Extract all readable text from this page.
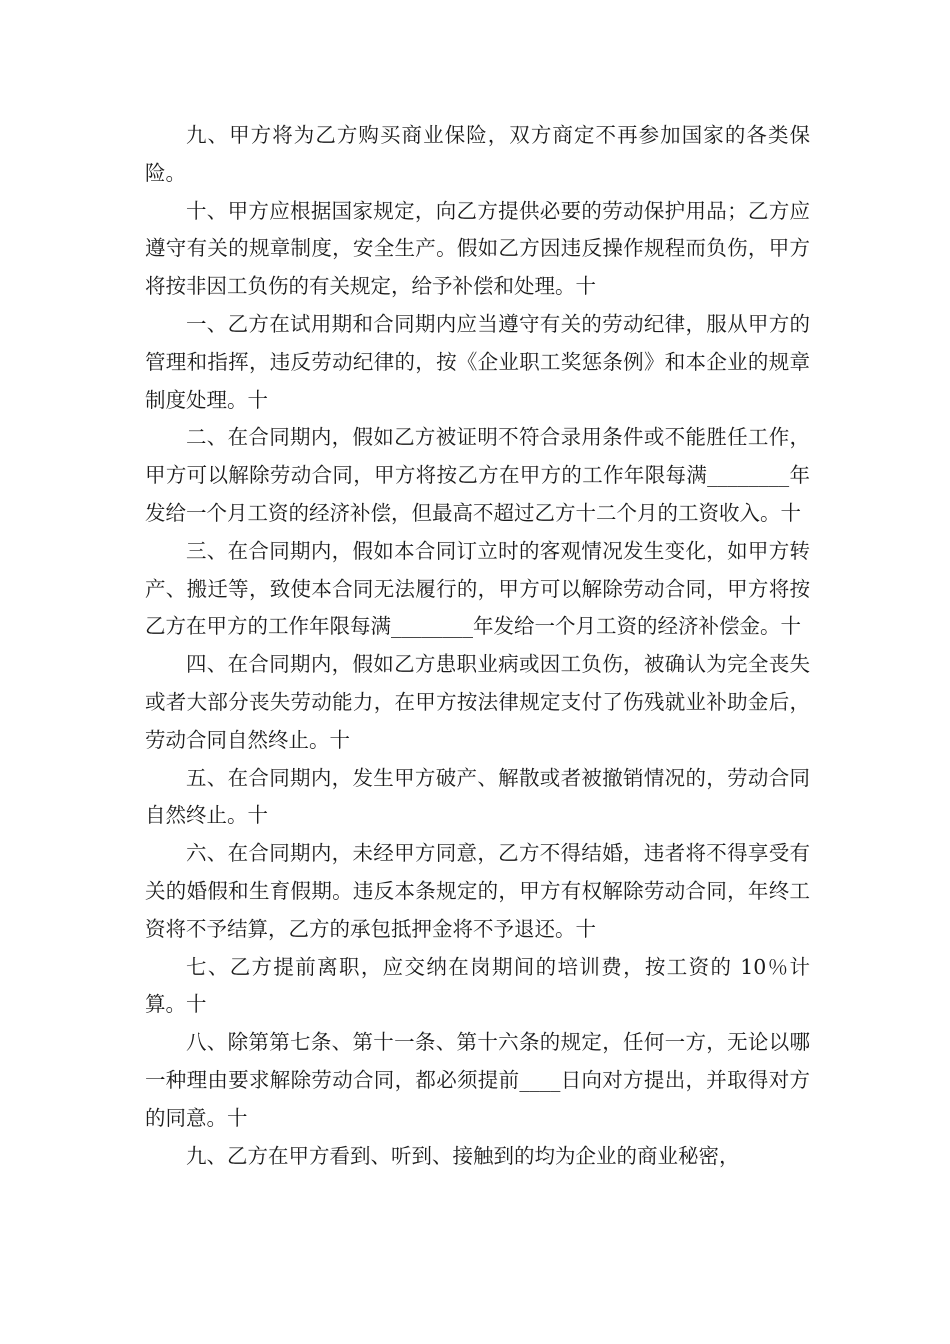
九、甲方将为乙方购买商业保险，双方商定不再参加国家的各类保险。

十、甲方应根据国家规定，向乙方提供必要的劳动保护用品；乙方应遵守有关的规章制度，安全生产。假如乙方因违反操作规程而负伤，甲方将按非因工负伤的有关规定，给予补偿和处理。十

一、乙方在试用期和合同期内应当遵守有关的劳动纪律，服从甲方的管理和指挥，违反劳动纪律的，按《企业职工奖惩条例》和本企业的规章制度处理。十

二、在合同期内，假如乙方被证明不符合录用条件或不能胜任工作，甲方可以解除劳动合同，甲方将按乙方在甲方的工作年限每满________年发给一个月工资的经济补偿，但最高不超过乙方十二个月的工资收入。十

三、在合同期内，假如本合同订立时的客观情况发生变化，如甲方转产、搬迁等，致使本合同无法履行的，甲方可以解除劳动合同，甲方将按乙方在甲方的工作年限每满________年发给一个月工资的经济补偿金。十

四、在合同期内，假如乙方患职业病或因工负伤，被确认为完全丧失或者大部分丧失劳动能力，在甲方按法律规定支付了伤残就业补助金后，劳动合同自然终止。十

五、在合同期内，发生甲方破产、解散或者被撤销情况的，劳动合同自然终止。十

六、在合同期内，未经甲方同意，乙方不得结婚，违者将不得享受有关的婚假和生育假期。违反本条规定的，甲方有权解除劳动合同，年终工资将不予结算，乙方的承包抵押金将不予退还。十

七、乙方提前离职，应交纳在岗期间的培训费，按工资的 10％计算。十

八、除第第七条、第十一条、第十六条的规定，任何一方，无论以哪一种理由要求解除劳动合同，都必须提前____日向对方提出，并取得对方的同意。十

九、乙方在甲方看到、听到、接触到的均为企业的商业秘密，
